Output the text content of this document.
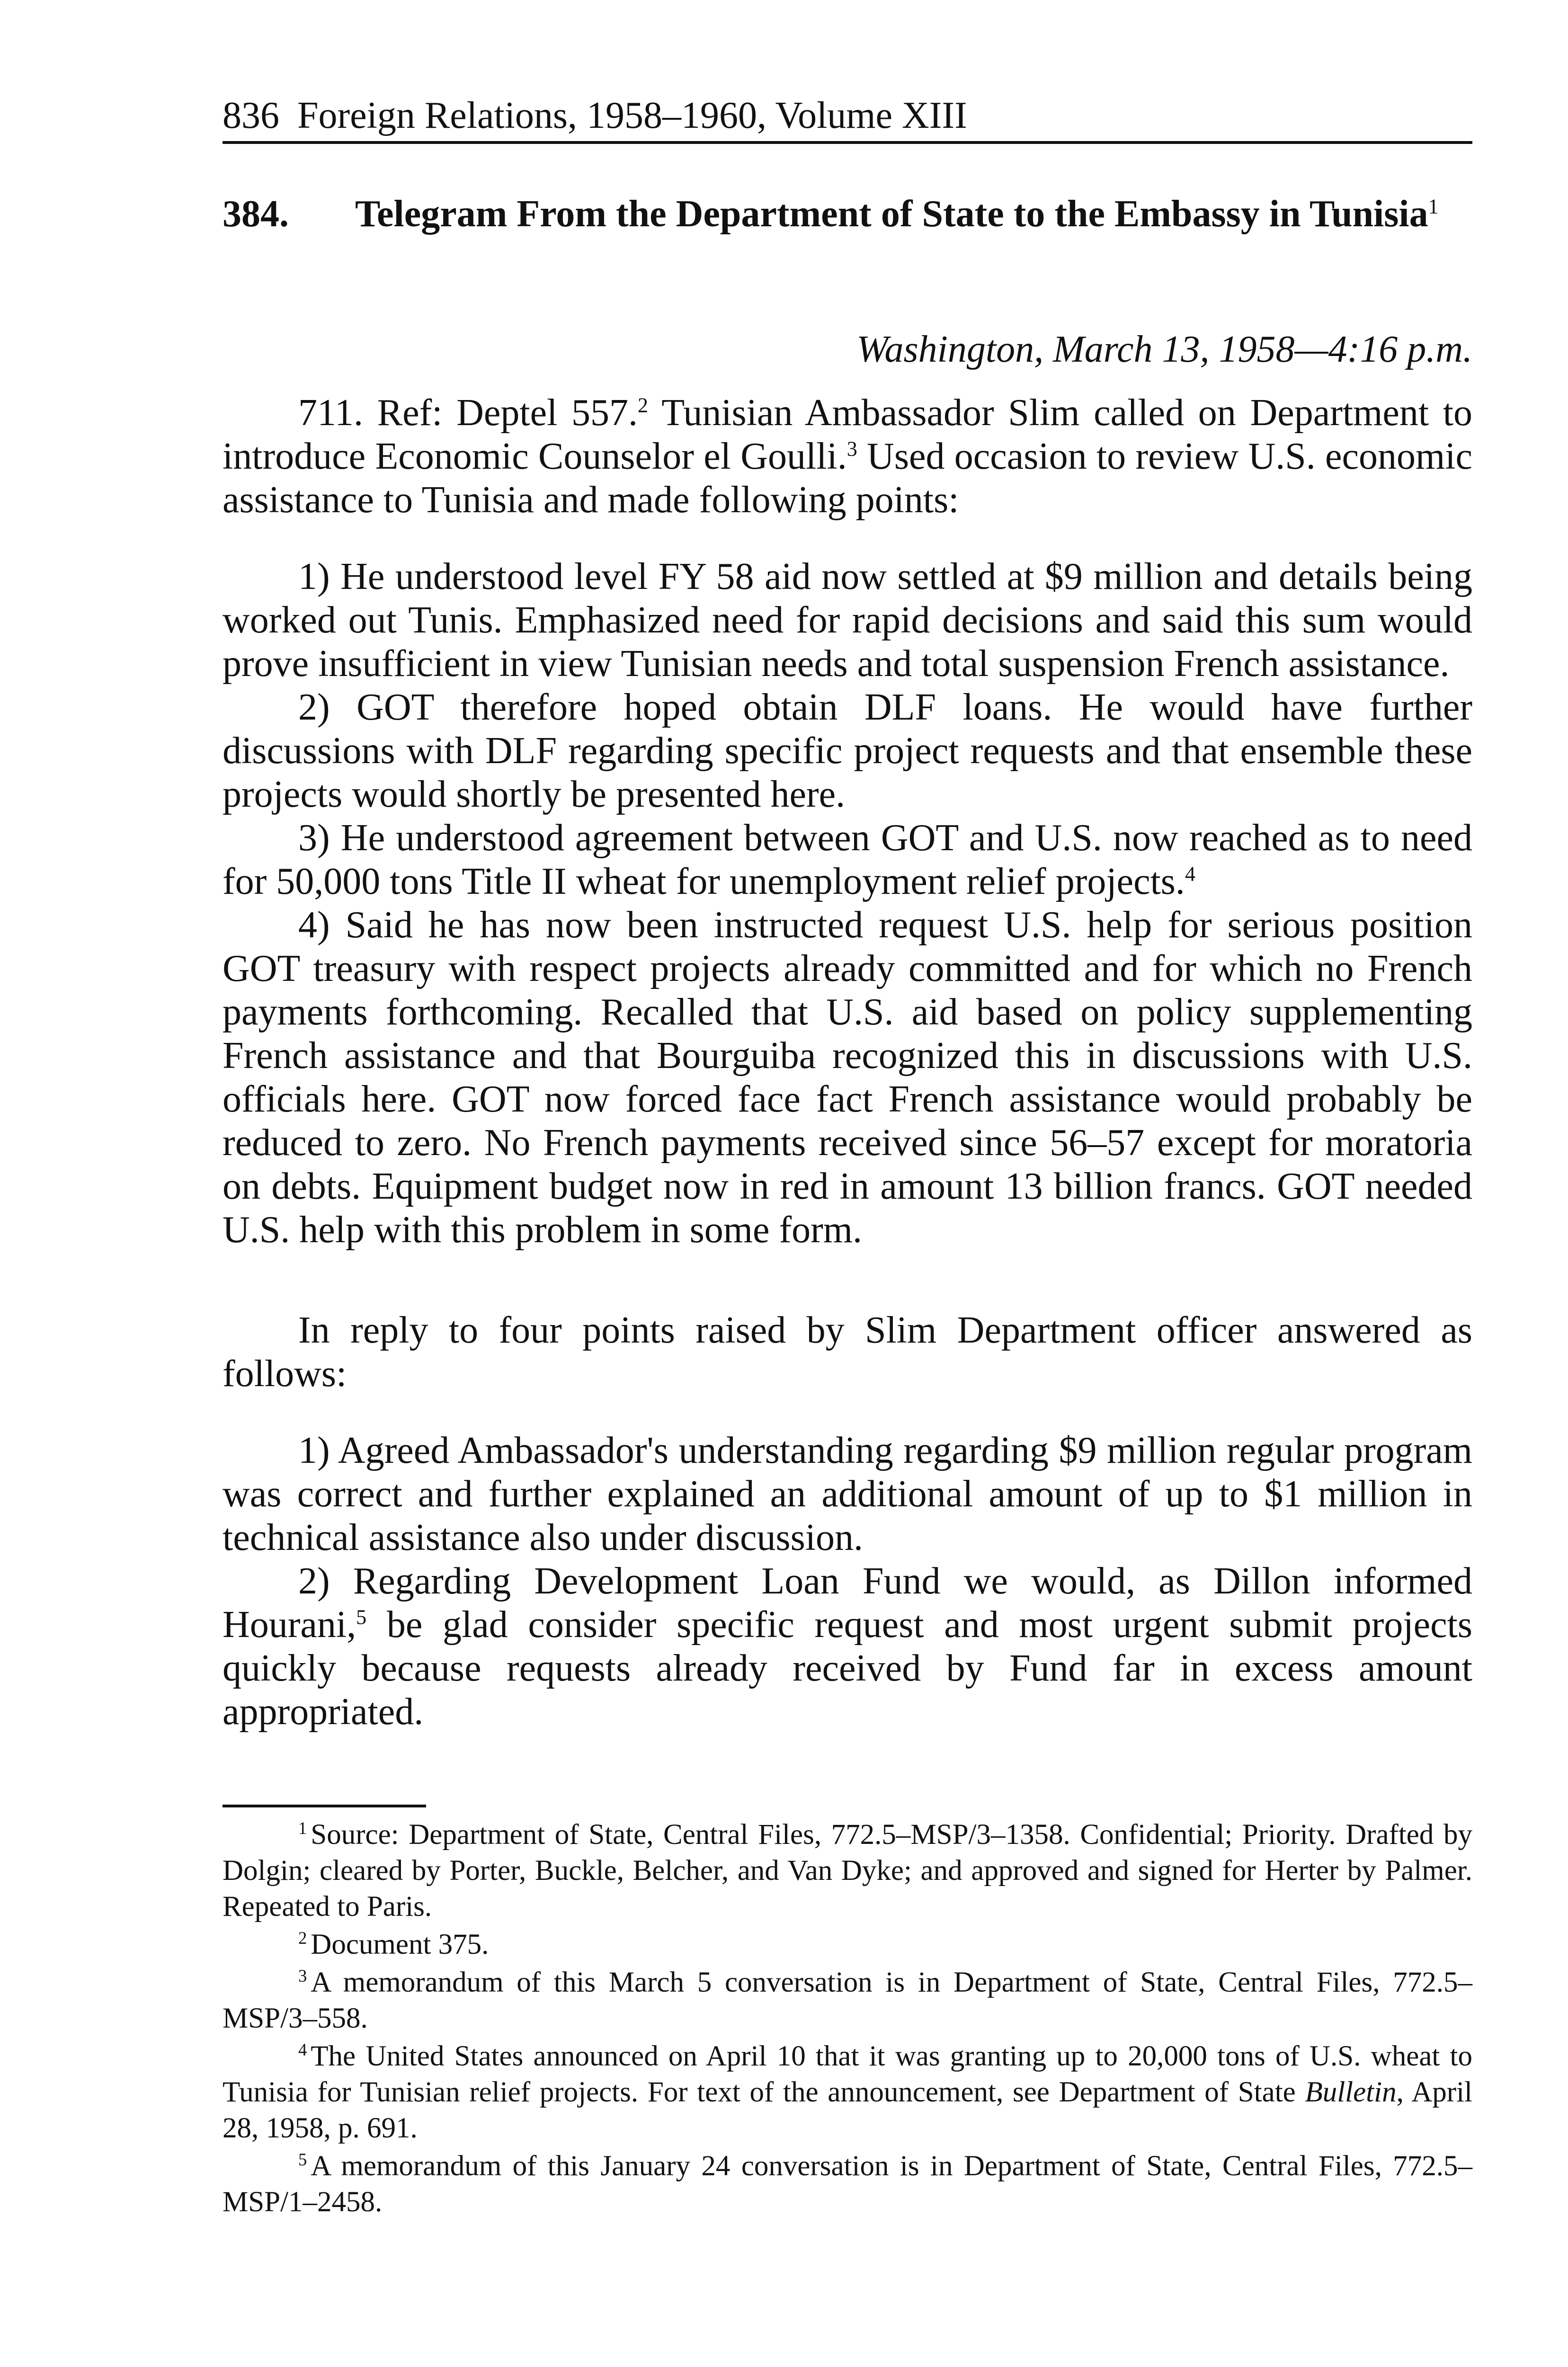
836 Foreign Relations, 1958–1960, Volume XIII
384.	Telegram From the Department of State to the Embassy in Tunisia$^1$
Washington, March 13, 1958—4:16 p.m.

711. Ref: Deptel 557.$^2$ Tunisian Ambassador Slim called on Department to introduce Economic Counselor el Goulli.$^3$ Used occasion to review U.S. economic assistance to Tunisia and made following points:

1) He understood level FY 58 aid now settled at $9 million and details being worked out Tunis. Emphasized need for rapid decisions and said this sum would prove insufficient in view Tunisian needs and total suspension French assistance.

2) GOT therefore hoped obtain DLF loans. He would have further discussions with DLF regarding specific project requests and that ensemble these projects would shortly be presented here.

3) He understood agreement between GOT and U.S. now reached as to need for 50,000 tons Title II wheat for unemployment relief projects.$^4$

4) Said he has now been instructed request U.S. help for serious position GOT treasury with respect projects already committed and for which no French payments forthcoming. Recalled that U.S. aid based on policy supplementing French assistance and that Bourguiba recognized this in discussions with U.S. officials here. GOT now forced face fact French assistance would probably be reduced to zero. No French payments received since 56–57 except for moratoria on debts. Equipment budget now in red in amount 13 billion francs. GOT needed U.S. help with this problem in some form.

In reply to four points raised by Slim Department officer answered as follows:

1) Agreed Ambassador's understanding regarding $9 million regular program was correct and further explained an additional amount of up to $1 million in technical assistance also under discussion.

2) Regarding Development Loan Fund we would, as Dillon informed Hourani,$^5$ be glad consider specific request and most urgent submit projects quickly because requests already received by Fund far in excess amount appropriated.

$^1$ Source: Department of State, Central Files, 772.5–MSP/3–1358. Confidential; Priority. Drafted by Dolgin; cleared by Porter, Buckle, Belcher, and Van Dyke; and approved and signed for Herter by Palmer. Repeated to Paris.

$^2$ Document 375.

$^3$ A memorandum of this March 5 conversation is in Department of State, Central Files, 772.5–MSP/3–558.

$^4$ The United States announced on April 10 that it was granting up to 20,000 tons of U.S. wheat to Tunisia for Tunisian relief projects. For text of the announcement, see Department of State Bulletin, April 28, 1958, p. 691.

$^5$ A memorandum of this January 24 conversation is in Department of State, Central Files, 772.5–MSP/1–2458.
